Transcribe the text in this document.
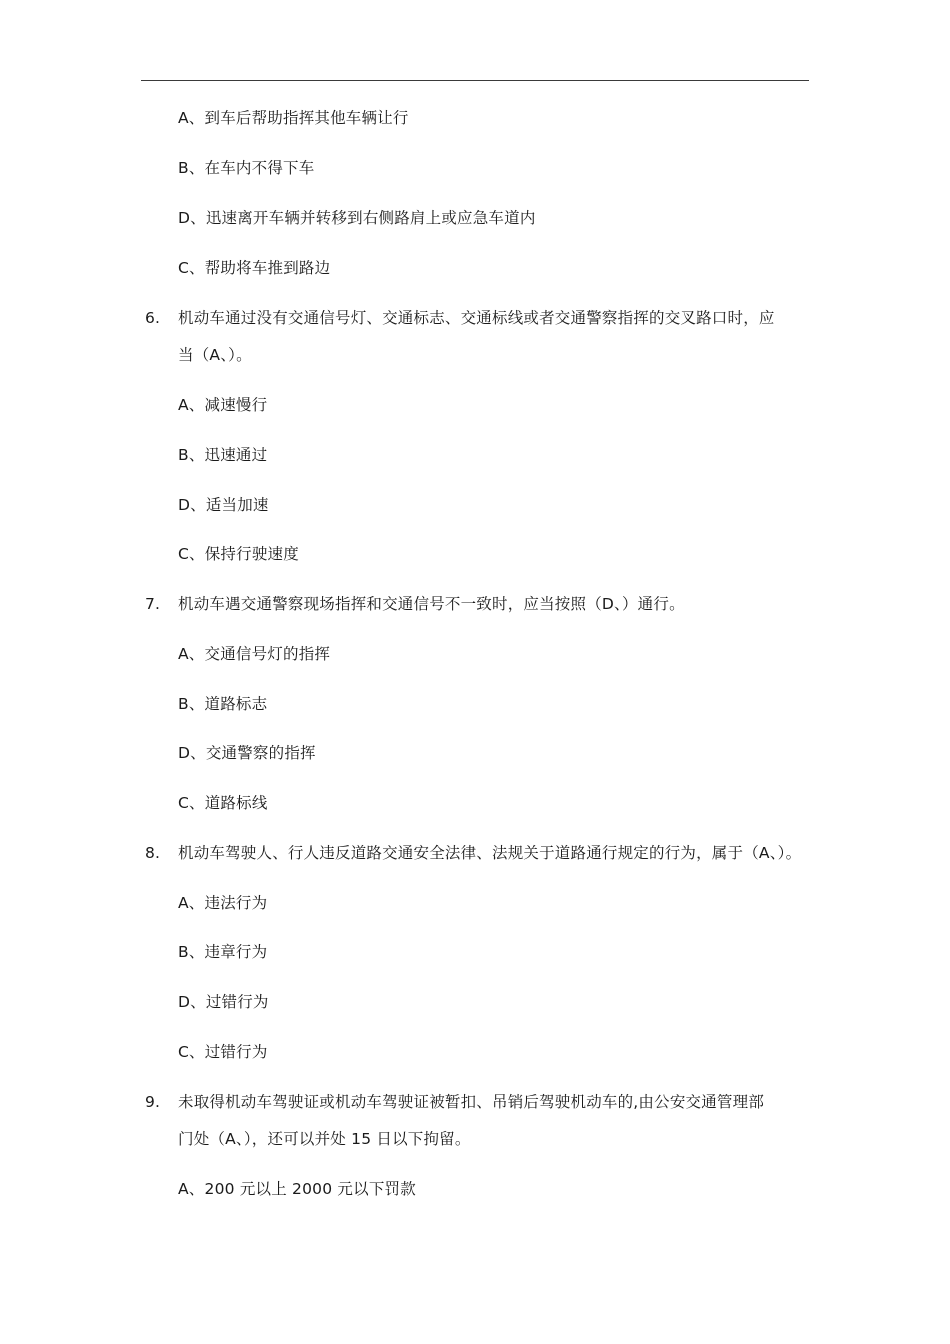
A、到车后帮助指挥其他车辆让行
B、在车内不得下车
D、迅速离开车辆并转移到右侧路肩上或应急车道内
C、帮助将车推到路边
6. 机动车通过没有交通信号灯、交通标志、交通标线或者交通警察指挥的交叉路口时，应
当（A、）。
A、减速慢行
B、迅速通过
D、适当加速
C、保持行驶速度
7. 机动车遇交通警察现场指挥和交通信号不一致时，应当按照（D、）通行。
A、交通信号灯的指挥
B、道路标志
D、交通警察的指挥
C、道路标线
8. 机动车驾驶人、行人违反道路交通安全法律、法规关于道路通行规定的行为，属于（A、）。
A、违法行为
B、违章行为
D、过错行为
C、过错行为
9. 未取得机动车驾驶证或机动车驾驶证被暂扣、吊销后驾驶机动车的,由公安交通管理部
门处（A、），还可以并处 15 日以下拘留。
A、200 元以上 2000 元以下罚款
